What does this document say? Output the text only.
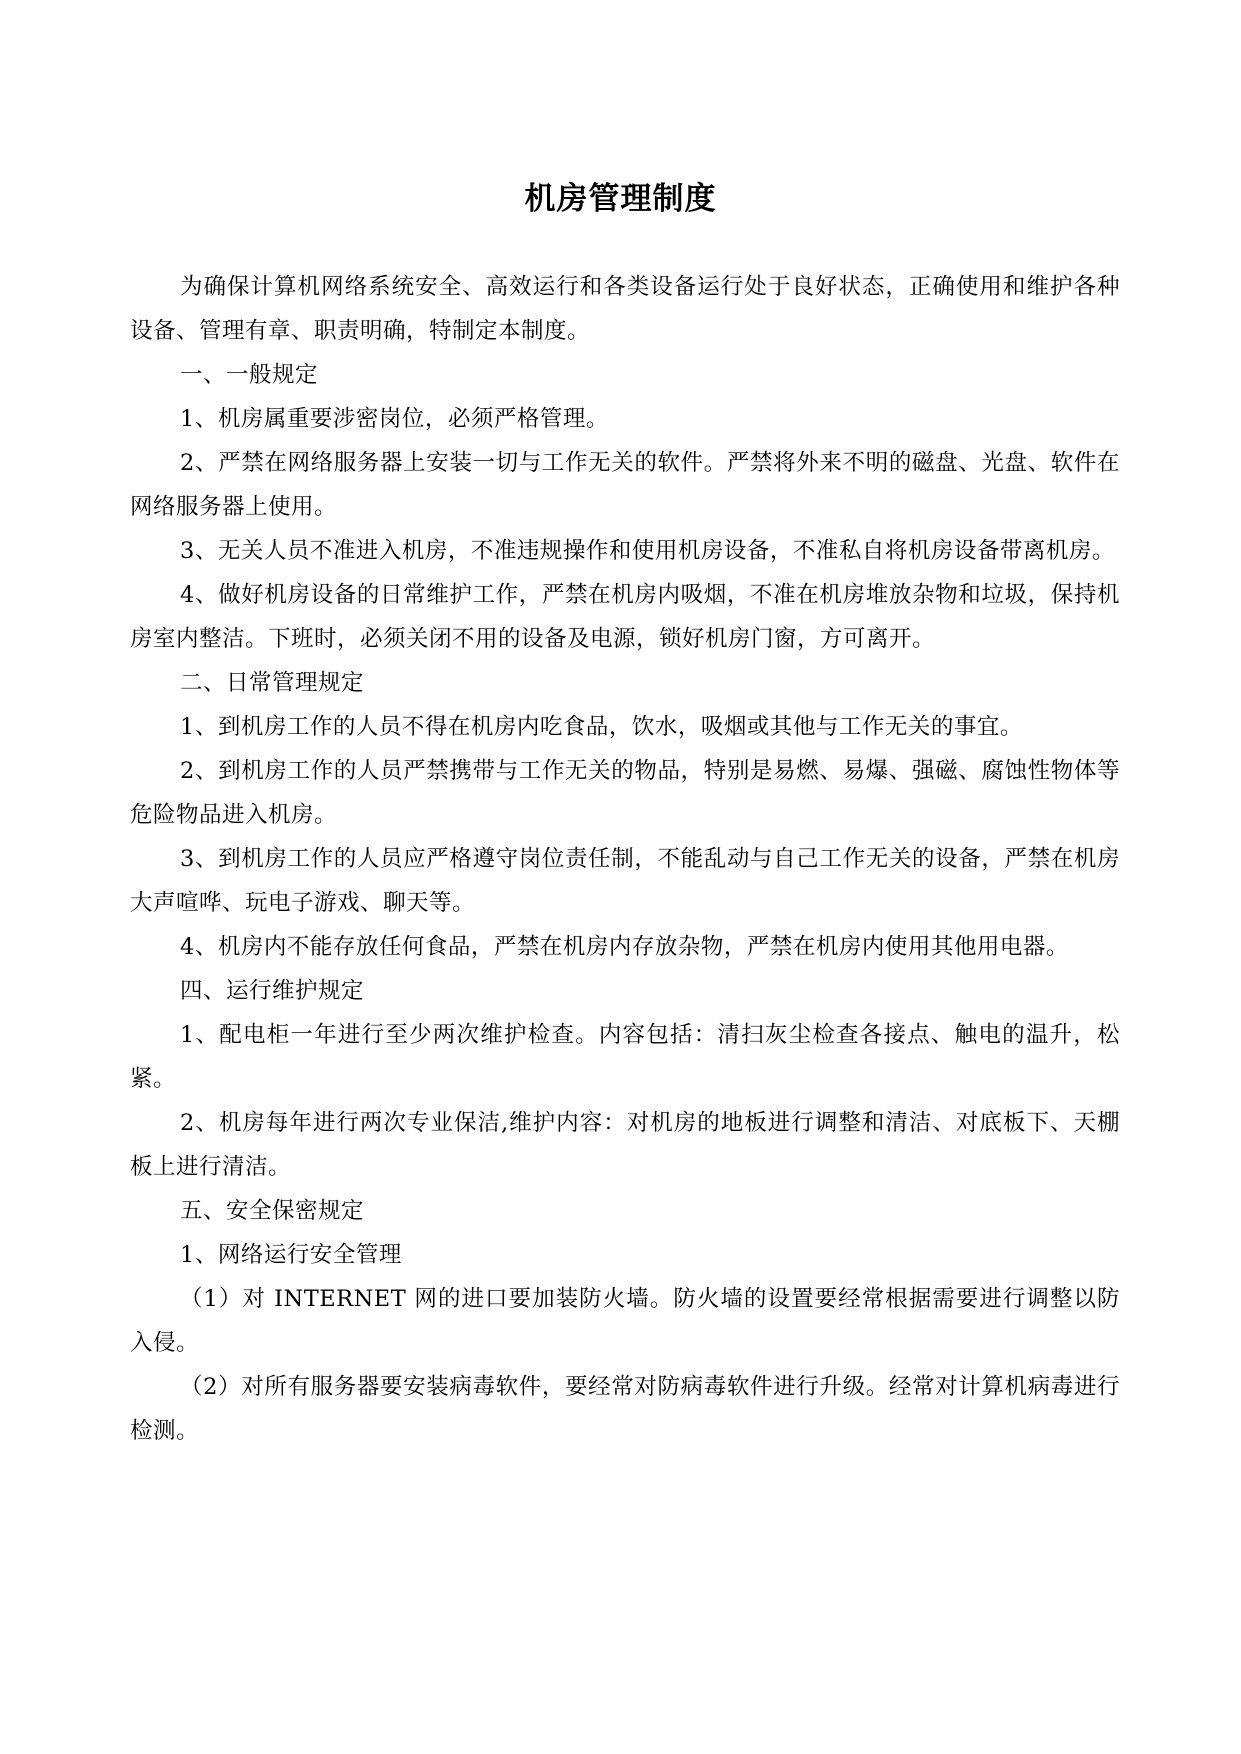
机房管理制度

为确保计算机网络系统安全、高效运行和各类设备运行处于良好状态，正确使用和维护各种设备、管理有章、职责明确，特制定本制度。

一、一般规定

1、机房属重要涉密岗位，必须严格管理。

2、严禁在网络服务器上安装一切与工作无关的软件。严禁将外来不明的磁盘、光盘、软件在网络服务器上使用。

3、无关人员不准进入机房，不准违规操作和使用机房设备，不准私自将机房设备带离机房。

4、做好机房设备的日常维护工作，严禁在机房内吸烟，不准在机房堆放杂物和垃圾，保持机房室内整洁。下班时，必须关闭不用的设备及电源，锁好机房门窗，方可离开。

二、日常管理规定

1、到机房工作的人员不得在机房内吃食品，饮水，吸烟或其他与工作无关的事宜。

2、到机房工作的人员严禁携带与工作无关的物品，特别是易燃、易爆、强磁、腐蚀性物体等危险物品进入机房。

3、到机房工作的人员应严格遵守岗位责任制，不能乱动与自己工作无关的设备，严禁在机房大声喧哗、玩电子游戏、聊天等。

4、机房内不能存放任何食品，严禁在机房内存放杂物，严禁在机房内使用其他用电器。

四、运行维护规定

1、配电柜一年进行至少两次维护检查。内容包括：清扫灰尘检查各接点、触电的温升，松紧。

2、机房每年进行两次专业保洁,维护内容：对机房的地板进行调整和清洁、对底板下、天棚板上进行清洁。

五、安全保密规定

1、网络运行安全管理

（1）对 INTERNET 网的进口要加装防火墙。防火墙的设置要经常根据需要进行调整以防入侵。

（2）对所有服务器要安装病毒软件，要经常对防病毒软件进行升级。经常对计算机病毒进行检测。
